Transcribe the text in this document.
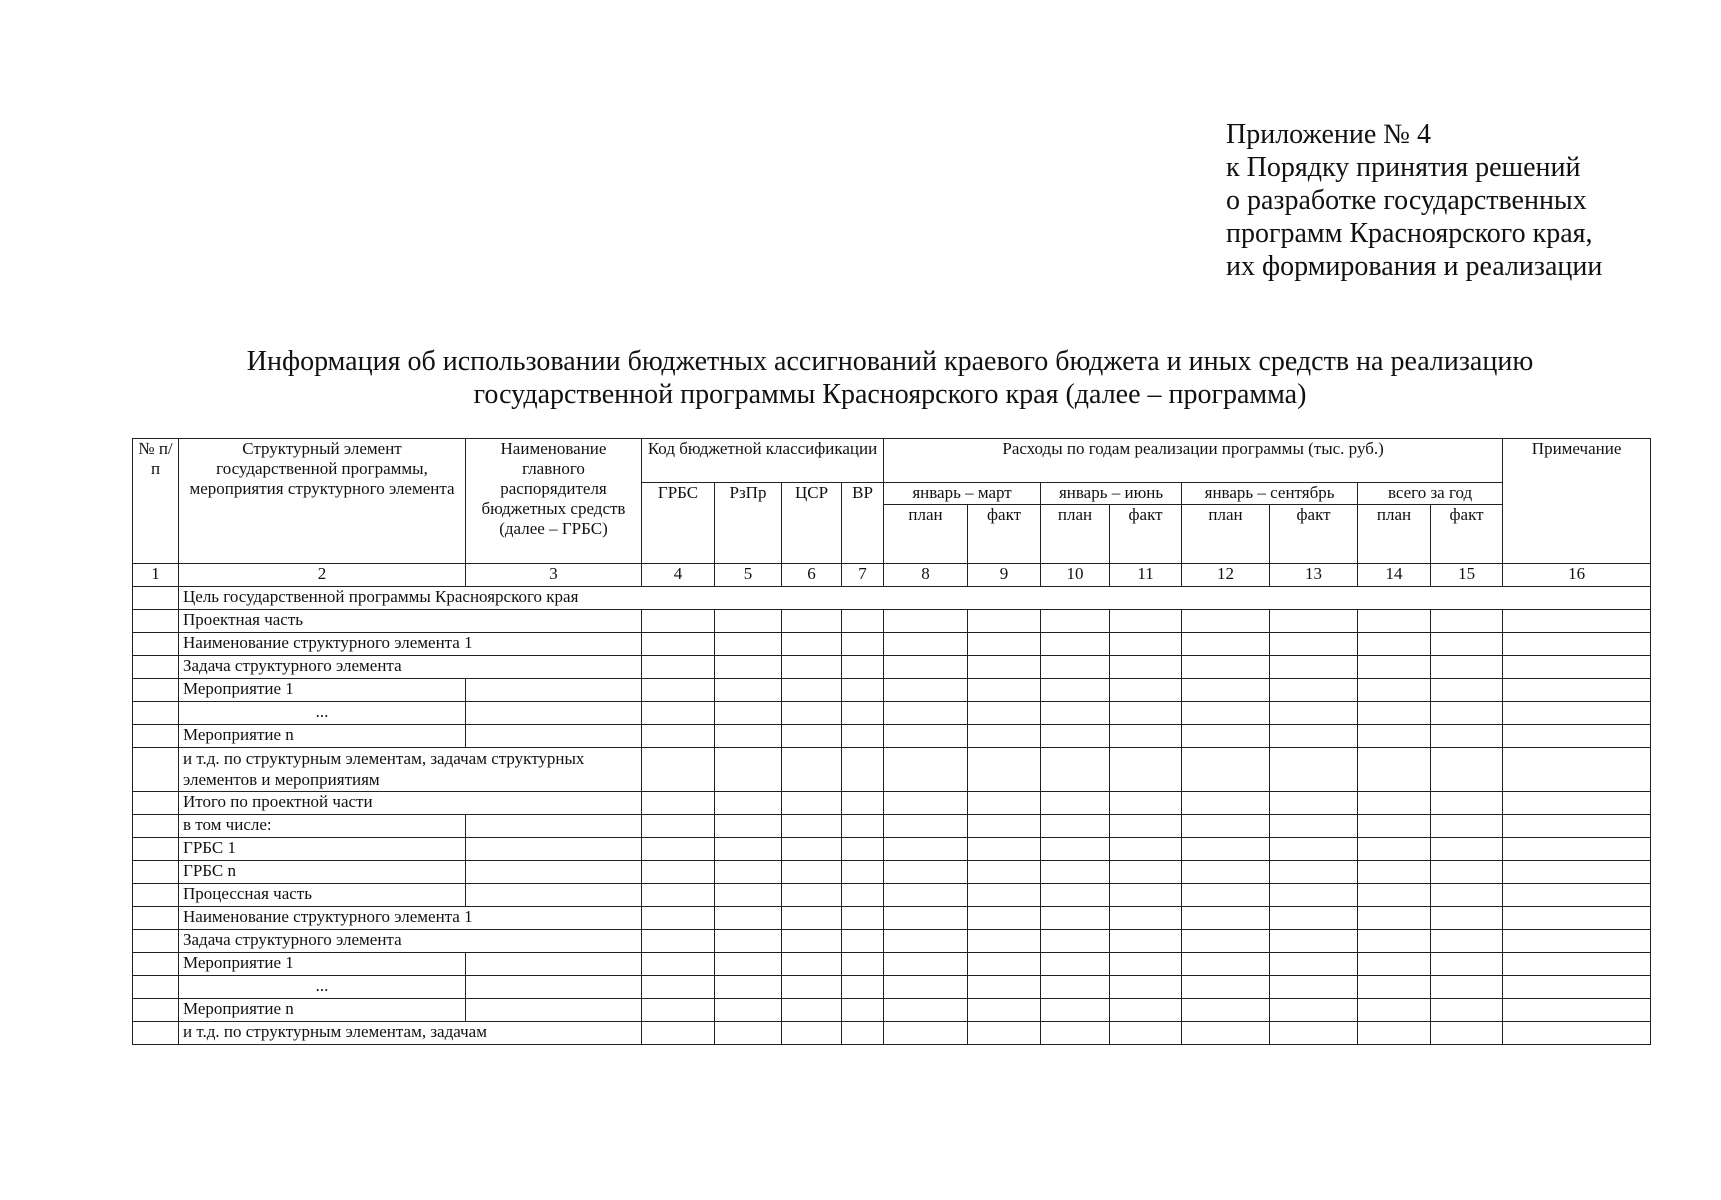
Приложение № 4
к Порядку принятия решений
о разработке государственных
программ Красноярского края,
их формирования и реализации
Информация об использовании бюджетных ассигнований краевого бюджета и иных средств на реализацию
государственной программы Красноярского края (далее – программа)
№ п/п	Структурный элемент государственной программы, мероприятия структурного элемента	Наименование главного распорядителя бюджетных средств (далее – ГРБС)	Код бюджетной классификации				Расходы по годам реализации программы (тыс. руб.)								Примечание
			ГРБС	РзПр	ЦСР	ВР	январь – март		январь – июнь		январь – сентябрь		всего за год		
							план	факт	план	факт	план	факт	план	факт	
1	2	3	4	5	6	7	8	9	10	11	12	13	14	15	16
	Цель государственной программы Красноярского края														
	Проектная часть														
	Наименование структурного элемента 1														
	Задача структурного элемента														
	Мероприятие 1														
	...														
	Мероприятие n														
	и т.д. по структурным элементам, задачам структурных элементов и мероприятиям														
	Итого по проектной части														
	в том числе:														
	ГРБС 1														
	ГРБС n														
	Процессная часть														
	Наименование структурного элемента 1														
	Задача структурного элемента														
	Мероприятие 1														
	...														
	Мероприятие n														
	и т.д. по структурным элементам, задачам														
